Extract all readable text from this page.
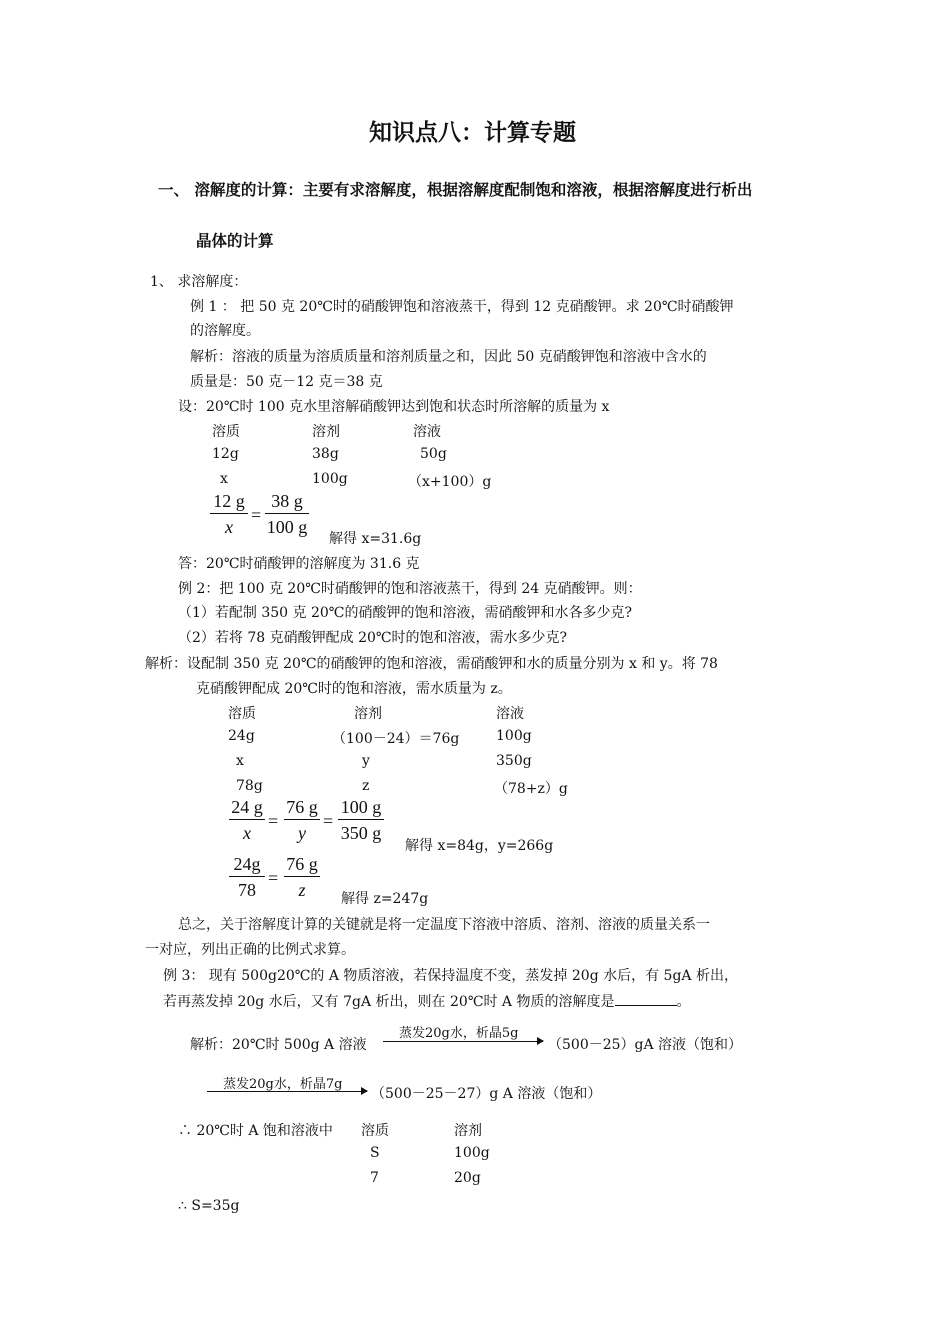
知识点八：计算专题
一、 溶解度的计算：主要有求溶解度，根据溶解度配制饱和溶液，根据溶解度进行析出
晶体的计算
1、 求溶解度：
例 1 ： 把 50 克 20℃时的硝酸钾饱和溶液蒸干，得到 12 克硝酸钾。求 20℃时硝酸钾
的溶解度。
解析：溶液的质量为溶质质量和溶剂质量之和，因此 50 克硝酸钾饱和溶液中含水的
质量是：50 克－12 克＝38 克
设：20℃时 100 克水里溶解硝酸钾达到饱和状态时所溶解的质量为 x
溶质	溶剂	溶液
12g	38g	50g
x	100g	（x+100）g
12 g
x
=
38 g
100 g
解得 x=31.6g
答：20℃时硝酸钾的溶解度为 31.6 克
例 2：把 100 克 20℃时硝酸钾的饱和溶液蒸干，得到 24 克硝酸钾。则：
（1）若配制 350 克 20℃的硝酸钾的饱和溶液，需硝酸钾和水各多少克?
（2）若将 78 克硝酸钾配成 20℃时的饱和溶液，需水多少克?
解析：设配制 350 克 20℃的硝酸钾的饱和溶液，需硝酸钾和水的质量分别为 x 和 y。将 78
克硝酸钾配成 20℃时的饱和溶液，需水质量为 z。
溶质	溶剂	溶液
24g	（100－24）＝76g	100g
x	y	350g
78g	z	（78+z）g
24 g
x
=
76 g
y
=
100 g
350 g
解得 x=84g，y=266g
24g
78
=
76 g
z	解得 z=247g
总之，关于溶解度计算的关键就是将一定温度下溶液中溶质、溶剂、溶液的质量关系一
一对应，列出正确的比例式求算。
例 3： 现有 500g20℃的 A 物质溶液，若保持温度不变，蒸发掉 20g 水后，有 5gA 析出，
若再蒸发掉 20g 水后，又有 7gA 析出，则在 20℃时 A 物质的溶解度是	。
解析：20℃时 500g A 溶液
蒸发20g水，析晶5g
（500－25）gA 溶液（饱和）
蒸发20g水，析晶7g
（500－25－27）g A 溶液（饱和）
∴ 20℃时 A 饱和溶液中 溶质	溶剂
S	100g
7	20g
∴ S=35g
